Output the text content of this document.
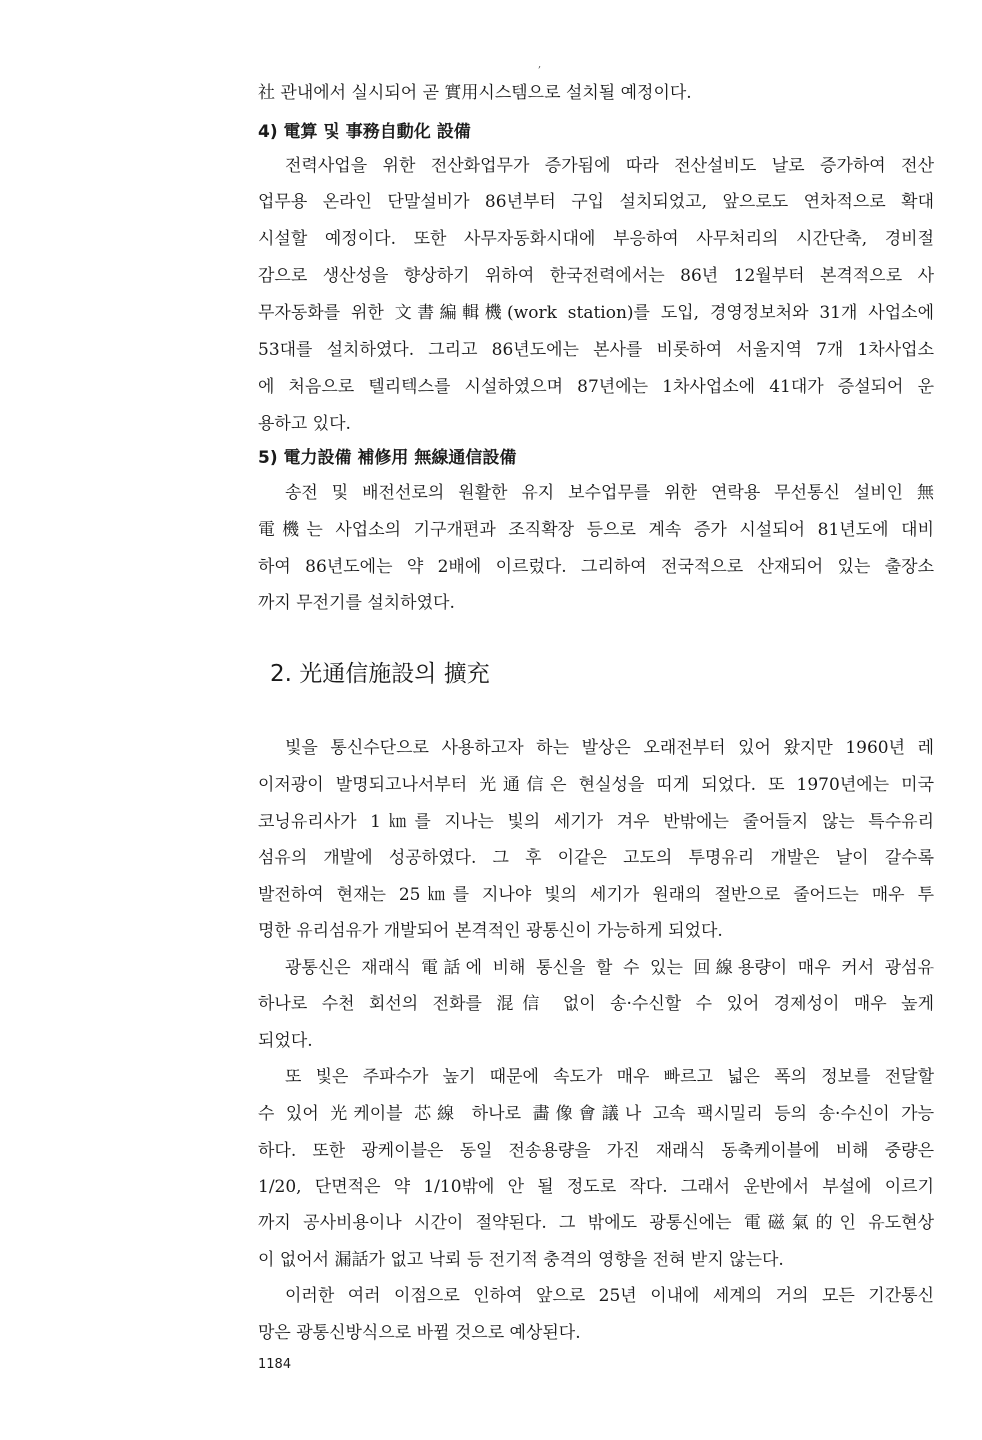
,

社 관내에서 실시되어 곧 實用시스템으로 설치될 예정이다.

4) 電算 및 事務自動化 設備

전력사업을 위한 전산화업무가 증가됨에 따라 전산설비도 날로 증가하여 전산

업무용 온라인 단말설비가 86년부터 구입 설치되었고, 앞으로도 연차적으로 확대

시설할 예정이다. 또한 사무자동화시대에 부응하여 사무처리의 시간단축, 경비절

감으로 생산성을 향상하기 위하여 한국전력에서는 86년 12월부터 본격적으로 사

무자동화를 위한 文書編輯機(work station)를 도입, 경영정보처와 31개 사업소에

53대를 설치하였다. 그리고 86년도에는 본사를 비롯하여 서울지역 7개 1차사업소

에 처음으로 텔리텍스를 시설하였으며 87년에는 1차사업소에 41대가 증설되어 운

용하고 있다.

5) 電力設備 補修用 無線通信設備

송전 및 배전선로의 원활한 유지 보수업무를 위한 연락용 무선통신 설비인 無

電機는 사업소의 기구개편과 조직확장 등으로 계속 증가 시설되어 81년도에 대비

하여 86년도에는 약 2배에 이르렀다. 그리하여 전국적으로 산재되어 있는 출장소

까지 무전기를 설치하였다.

2. 光通信施設의 擴充

빛을 통신수단으로 사용하고자 하는 발상은 오래전부터 있어 왔지만 1960년 레

이저광이 발명되고나서부터 光通信은 현실성을 띠게 되었다. 또 1970년에는 미국

코닝유리사가 1㎞를 지나는 빛의 세기가 겨우 반밖에는 줄어들지 않는 특수유리

섬유의 개발에 성공하였다. 그 후 이같은 고도의 투명유리 개발은 날이 갈수록

발전하여 현재는 25㎞를 지나야 빛의 세기가 원래의 절반으로 줄어드는 매우 투

명한 유리섬유가 개발되어 본격적인 광통신이 가능하게 되었다.

광통신은 재래식 電話에 비해 통신을 할 수 있는 回線용량이 매우 커서 광섬유

하나로 수천 회선의 전화를 混信 없이 송·수신할 수 있어 경제성이 매우 높게

되었다.

또 빛은 주파수가 높기 때문에 속도가 매우 빠르고 넓은 폭의 정보를 전달할

수 있어 光케이블 芯線 하나로 畵像會議나 고속 팩시밀리 등의 송·수신이 가능

하다. 또한 광케이블은 동일 전송용량을 가진 재래식 동축케이블에 비해 중량은

1/20, 단면적은 약 1/10밖에 안 될 정도로 작다. 그래서 운반에서 부설에 이르기

까지 공사비용이나 시간이 절약된다. 그 밖에도 광통신에는 電磁氣的인 유도현상

이 없어서 漏話가 없고 낙뢰 등 전기적 충격의 영향을 전혀 받지 않는다.

이러한 여러 이점으로 인하여 앞으로 25년 이내에 세계의 거의 모든 기간통신

망은 광통신방식으로 바뀔 것으로 예상된다.

1184
